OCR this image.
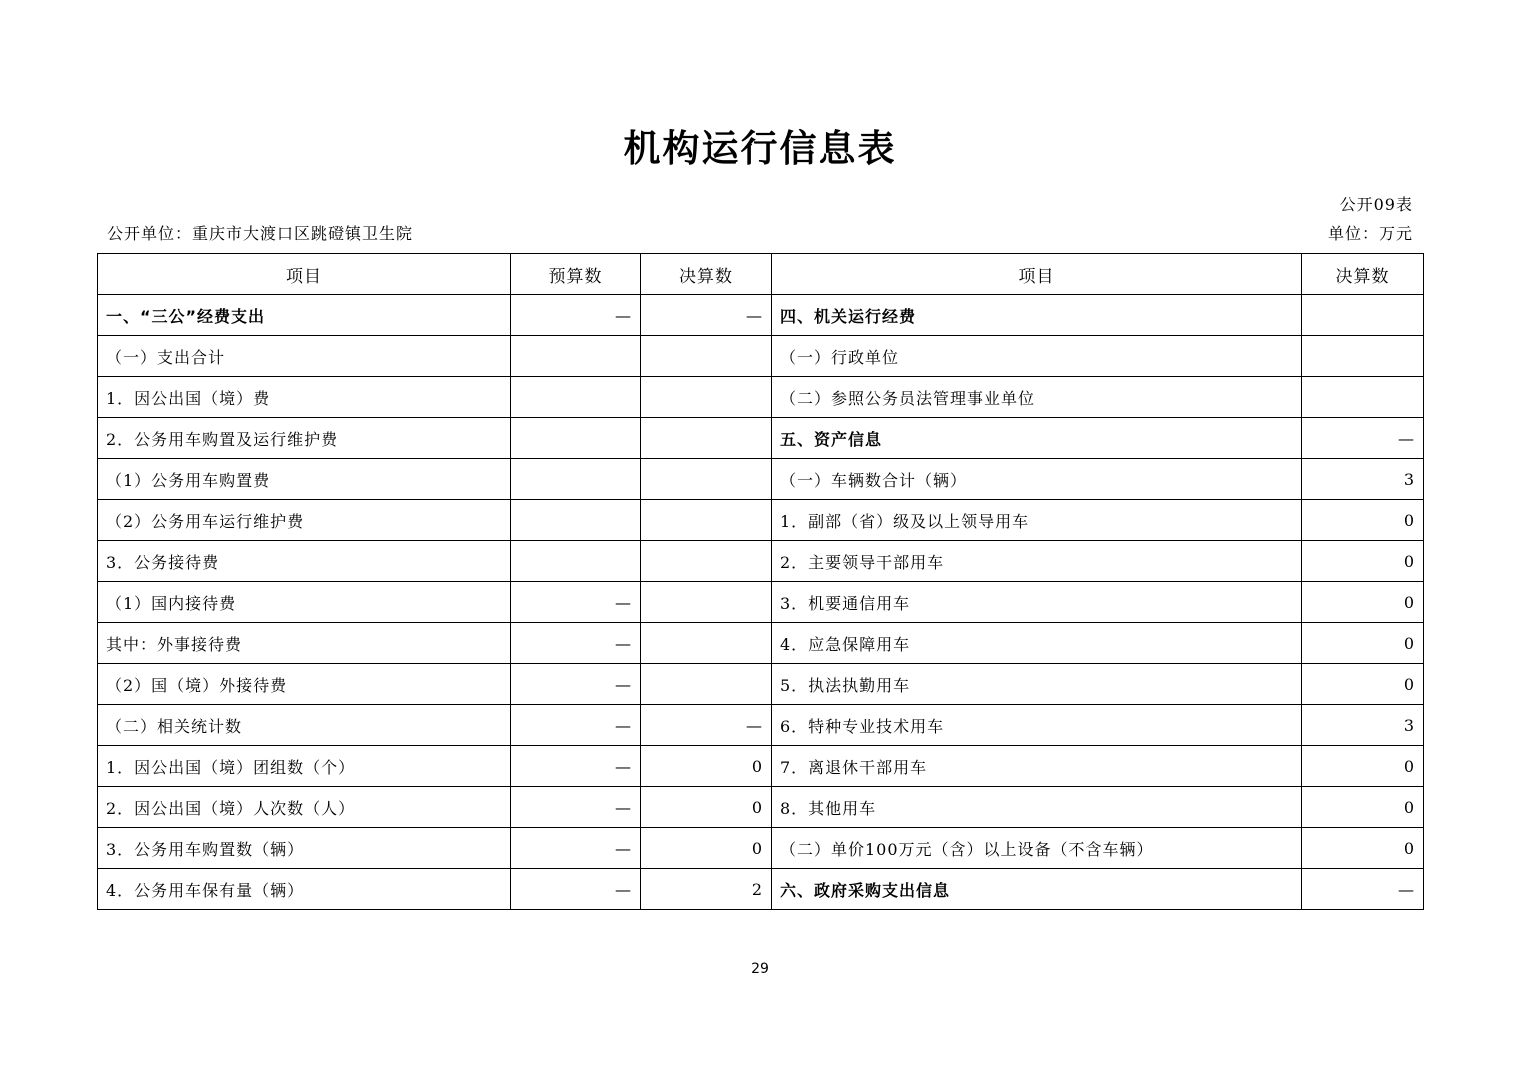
机构运行信息表
公开09表
公开单位：重庆市大渡口区跳磴镇卫生院	单位：万元
项目	预算数	决算数	项目	决算数
一、“三公”经费支出	—	—	四、机关运行经费	
（一）支出合计			（一）行政单位	
1．因公出国（境）费			（二）参照公务员法管理事业单位	
2．公务用车购置及运行维护费			五、资产信息	—
（1）公务用车购置费			（一）车辆数合计（辆）	3
（2）公务用车运行维护费			1．副部（省）级及以上领导用车	0
3．公务接待费			2．主要领导干部用车	0
（1）国内接待费	—		3．机要通信用车	0
其中：外事接待费	—		4．应急保障用车	0
（2）国（境）外接待费	—		5．执法执勤用车	0
（二）相关统计数	—	—	6．特种专业技术用车	3
1．因公出国（境）团组数（个）	—	0	7．离退休干部用车	0
2．因公出国（境）人次数（人）	—	0	8．其他用车	0
3．公务用车购置数（辆）	—	0	（二）单价100万元（含）以上设备（不含车辆）	0
4．公务用车保有量（辆）	—	2	六、政府采购支出信息	—
29
